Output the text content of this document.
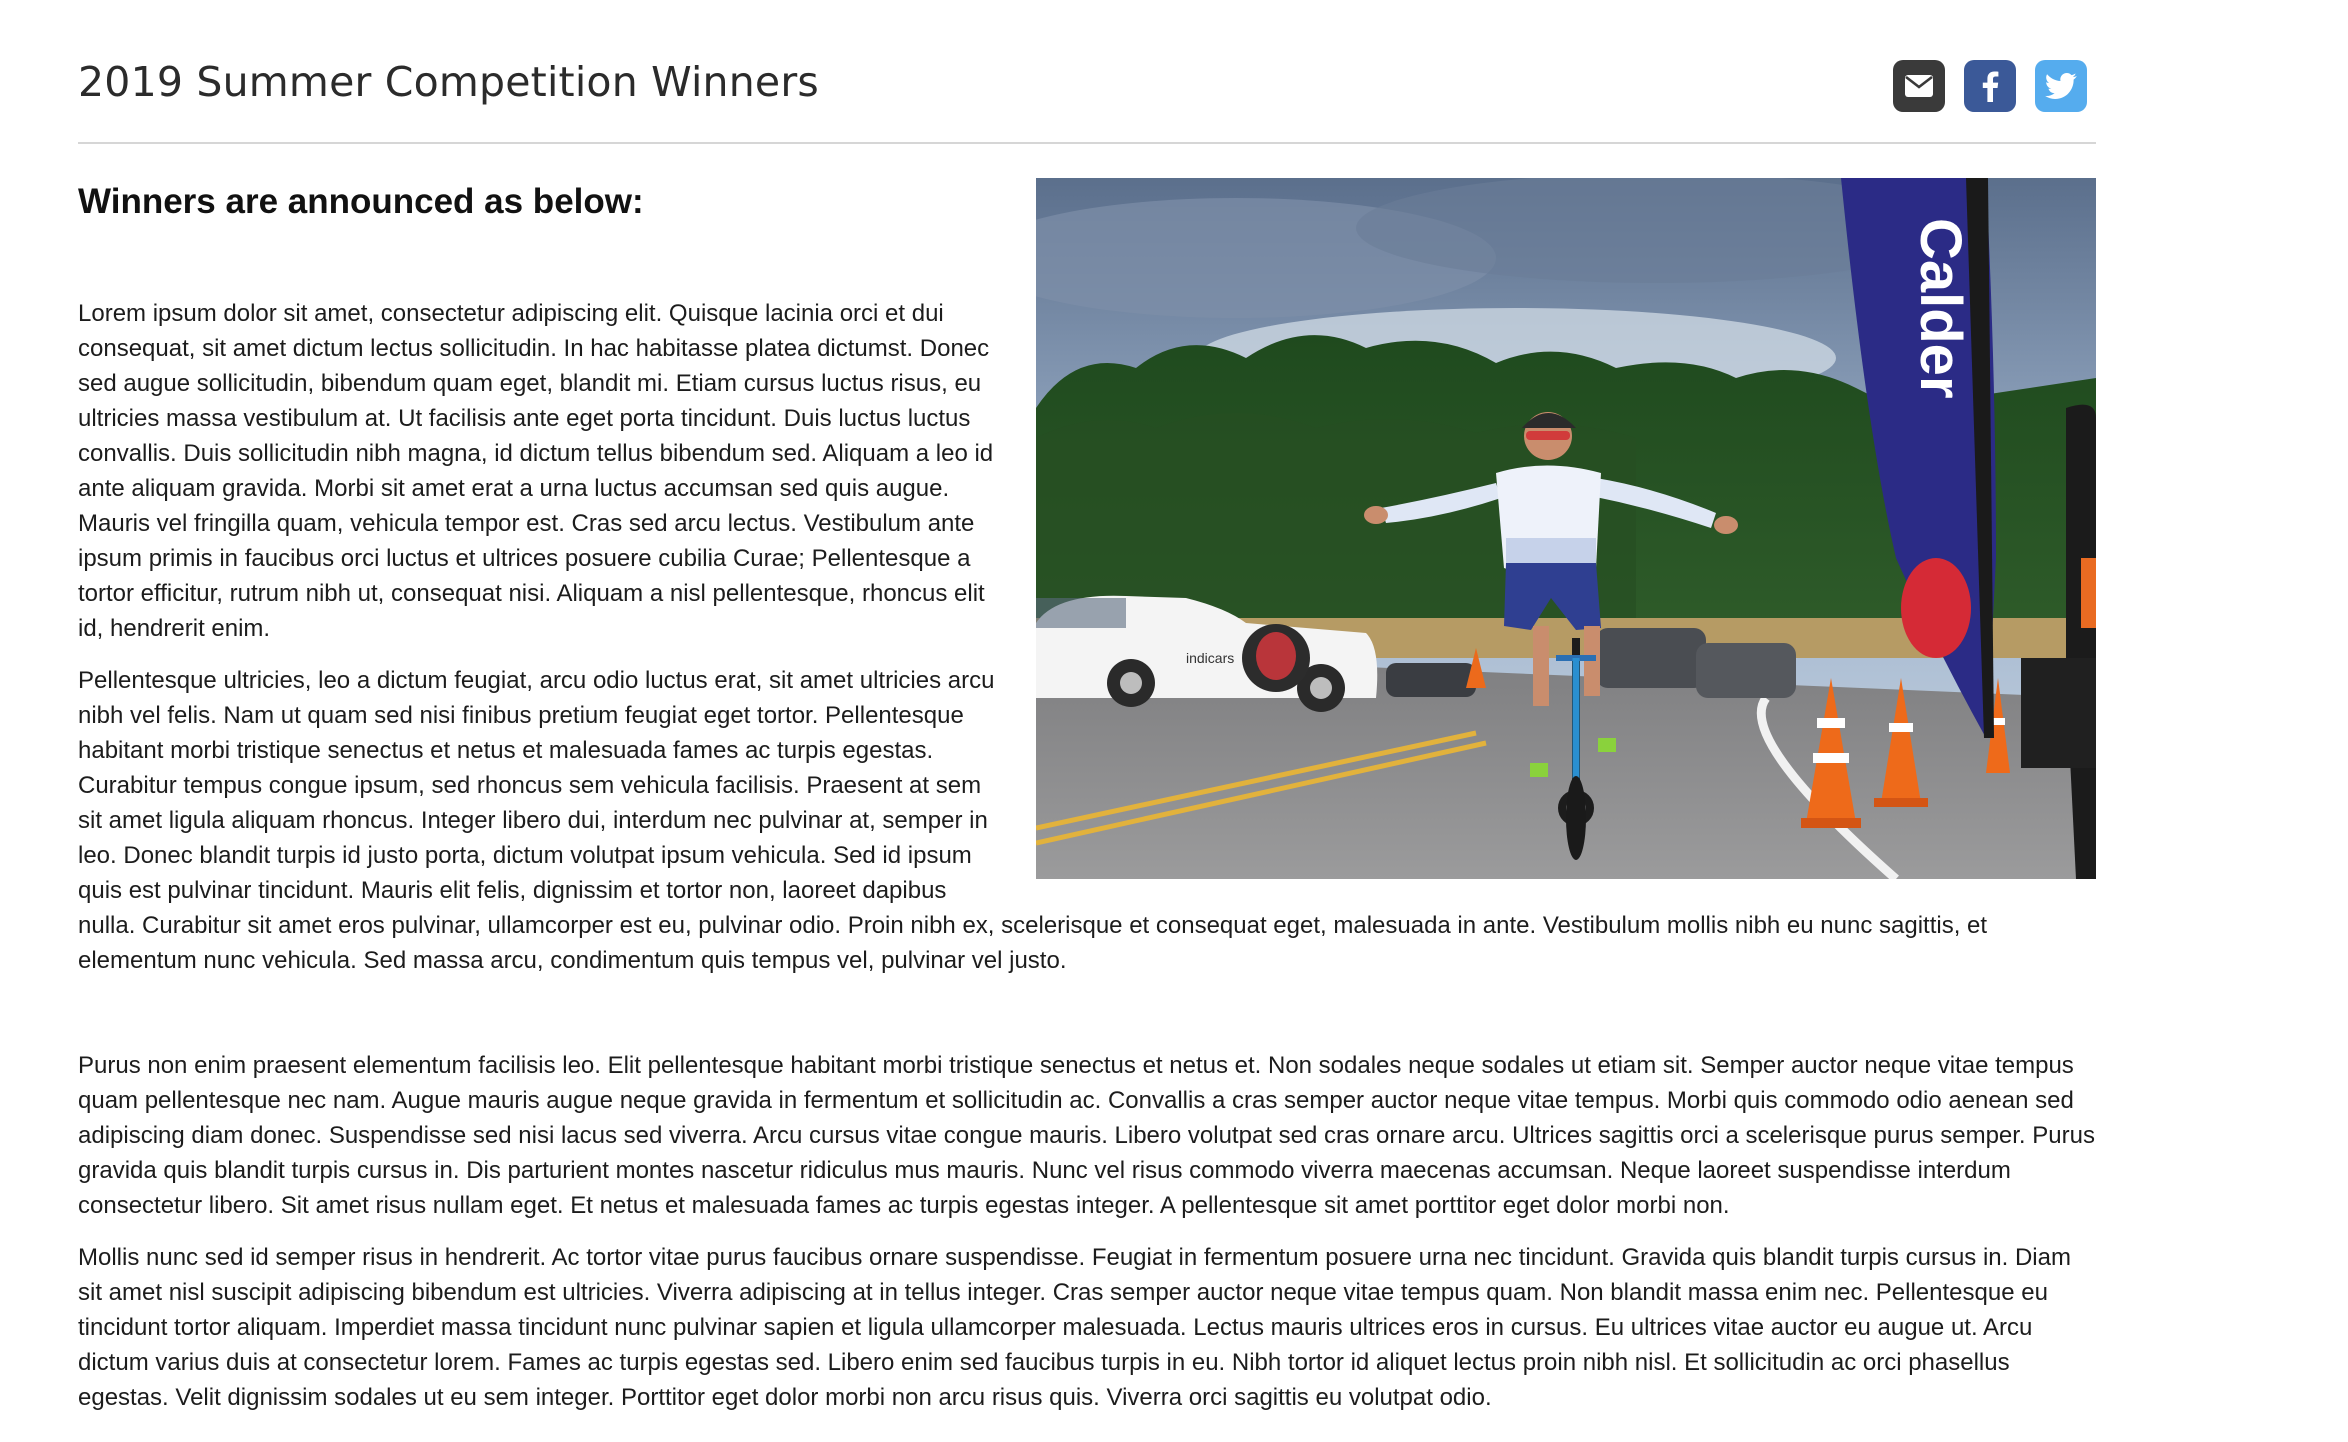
2019 Summer Competition Winners
indicars
Calder
Winners are announced as below:

Lorem ipsum dolor sit amet, consectetur adipiscing elit. Quisque lacinia orci et dui consequat, sit amet dictum lectus sollicitudin. In hac habitasse platea dictumst. Donec sed augue sollicitudin, bibendum quam eget, blandit mi. Etiam cursus luctus risus, eu ultricies massa vestibulum at. Ut facilisis ante eget porta tincidunt. Duis luctus luctus convallis. Duis sollicitudin nibh magna, id dictum tellus bibendum sed. Aliquam a leo id ante aliquam gravida. Morbi sit amet erat a urna luctus accumsan sed quis augue. Mauris vel fringilla quam, vehicula tempor est. Cras sed arcu lectus. Vestibulum ante ipsum primis in faucibus orci luctus et ultrices posuere cubilia Curae; Pellentesque a tortor efficitur, rutrum nibh ut, consequat nisi. Aliquam a nisl pellentesque, rhoncus elit id, hendrerit enim.

Pellentesque ultricies, leo a dictum feugiat, arcu odio luctus erat, sit amet ultricies arcu nibh vel felis. Nam ut quam sed nisi finibus pretium feugiat eget tortor. Pellentesque habitant morbi tristique senectus et netus et malesuada fames ac turpis egestas. Curabitur tempus congue ipsum, sed rhoncus sem vehicula facilisis. Praesent at sem sit amet ligula aliquam rhoncus. Integer libero dui, interdum nec pulvinar at, semper in leo. Donec blandit turpis id justo porta, dictum volutpat ipsum vehicula. Sed id ipsum quis est pulvinar tincidunt. Mauris elit felis, dignissim et tortor non, laoreet dapibus nulla. Curabitur sit amet eros pulvinar, ullamcorper est eu, pulvinar odio. Proin nibh ex, scelerisque et consequat eget, malesuada in ante. Vestibulum mollis nibh eu nunc sagittis, et elementum nunc vehicula. Sed massa arcu, condimentum quis tempus vel, pulvinar vel justo.

Purus non enim praesent elementum facilisis leo. Elit pellentesque habitant morbi tristique senectus et netus et. Non sodales neque sodales ut etiam sit. Semper auctor neque vitae tempus quam pellentesque nec nam. Augue mauris augue neque gravida in fermentum et sollicitudin ac. Convallis a cras semper auctor neque vitae tempus. Morbi quis commodo odio aenean sed adipiscing diam donec. Suspendisse sed nisi lacus sed viverra. Arcu cursus vitae congue mauris. Libero volutpat sed cras ornare arcu. Ultrices sagittis orci a scelerisque purus semper. Purus gravida quis blandit turpis cursus in. Dis parturient montes nascetur ridiculus mus mauris. Nunc vel risus commodo viverra maecenas accumsan. Neque laoreet suspendisse interdum consectetur libero. Sit amet risus nullam eget. Et netus et malesuada fames ac turpis egestas integer. A pellentesque sit amet porttitor eget dolor morbi non.

Mollis nunc sed id semper risus in hendrerit. Ac tortor vitae purus faucibus ornare suspendisse. Feugiat in fermentum posuere urna nec tincidunt. Gravida quis blandit turpis cursus in. Diam sit amet nisl suscipit adipiscing bibendum est ultricies. Viverra adipiscing at in tellus integer. Cras semper auctor neque vitae tempus quam. Non blandit massa enim nec. Pellentesque eu tincidunt tortor aliquam. Imperdiet massa tincidunt nunc pulvinar sapien et ligula ullamcorper malesuada. Lectus mauris ultrices eros in cursus. Eu ultrices vitae auctor eu augue ut. Arcu dictum varius duis at consectetur lorem. Fames ac turpis egestas sed. Libero enim sed faucibus turpis in eu. Nibh tortor id aliquet lectus proin nibh nisl. Et sollicitudin ac orci phasellus egestas. Velit dignissim sodales ut eu sem integer. Porttitor eget dolor morbi non arcu risus quis. Viverra orci sagittis eu volutpat odio.
